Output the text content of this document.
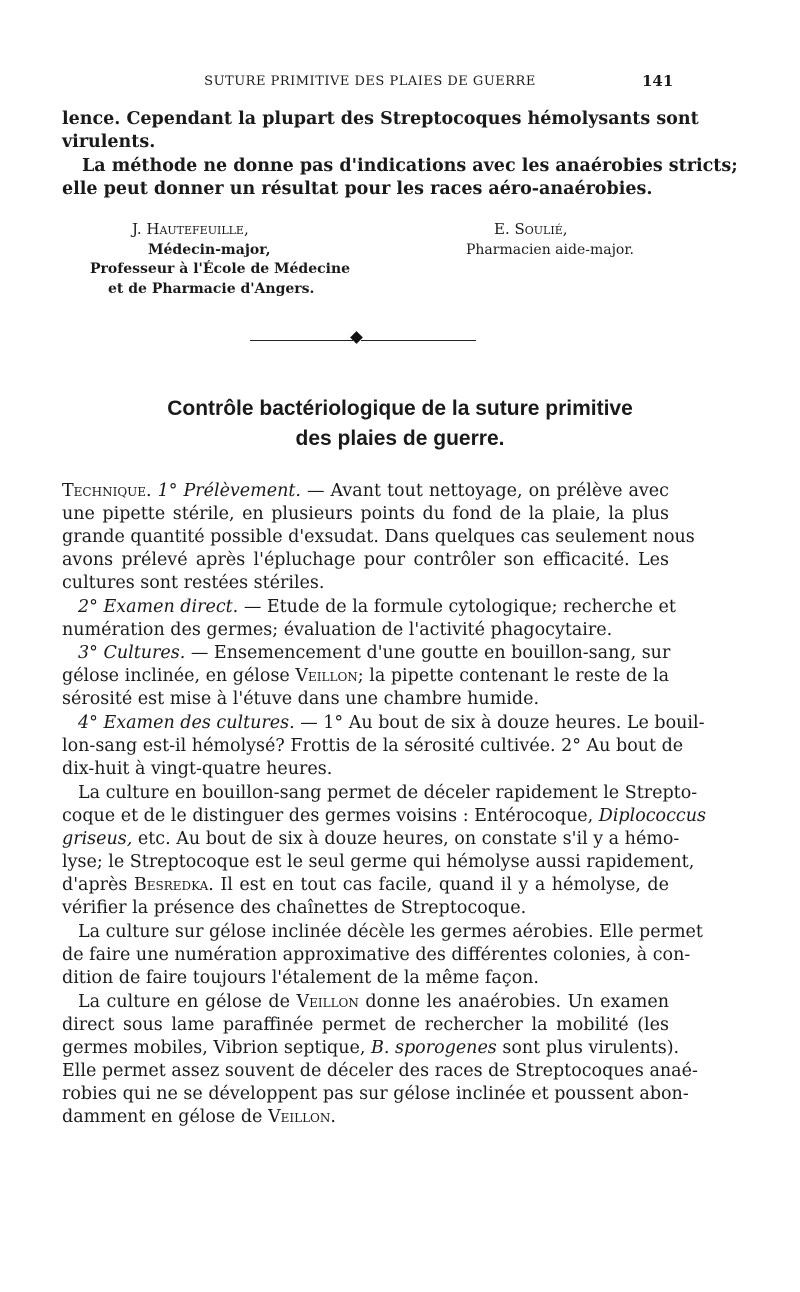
SUTURE PRIMITIVE DES PLAIES DE GUERRE	141
lence. Cependant la plupart des Streptocoques hémolysants sont
virulents.
La méthode ne donne pas d'indications avec les anaérobies stricts;
elle peut donner un résultat pour les races aéro-anaérobies.
J. Hautefeuille,
Médecin-major,
Professeur à l'École de Médecine
et de Pharmacie d'Angers.
E. Soulié,
Pharmacien aide-major.
Contrôle bactériologique de la suture primitive
des plaies de guerre.
Technique. 1° Prélèvement. — Avant tout nettoyage, on prélève avec
une pipette stérile, en plusieurs points du fond de la plaie, la plus
grande quantité possible d'exsudat. Dans quelques cas seulement nous
avons prélevé après l'épluchage pour contrôler son efficacité. Les
cultures sont restées stériles.
2° Examen direct. — Etude de la formule cytologique; recherche et
numération des germes; évaluation de l'activité phagocytaire.
3° Cultures. — Ensemencement d'une goutte en bouillon-sang, sur
gélose inclinée, en gélose Veillon; la pipette contenant le reste de la
sérosité est mise à l'étuve dans une chambre humide.
4° Examen des cultures. — 1° Au bout de six à douze heures. Le bouil-
lon-sang est-il hémolysé? Frottis de la sérosité cultivée. 2° Au bout de
dix-huit à vingt-quatre heures.
La culture en bouillon-sang permet de déceler rapidement le Strepto-
coque et de le distinguer des germes voisins : Entérocoque, Diplococcus
griseus, etc. Au bout de six à douze heures, on constate s'il y a hémo-
lyse; le Streptocoque est le seul germe qui hémolyse aussi rapidement,
d'après Besredka. Il est en tout cas facile, quand il y a hémolyse, de
vérifier la présence des chaînettes de Streptocoque.
La culture sur gélose inclinée décèle les germes aérobies. Elle permet
de faire une numération approximative des différentes colonies, à con-
dition de faire toujours l'étalement de la même façon.
La culture en gélose de Veillon donne les anaérobies. Un examen
direct sous lame paraffinée permet de rechercher la mobilité (les
germes mobiles, Vibrion septique, B. sporogenes sont plus virulents).
Elle permet assez souvent de déceler des races de Streptocoques anaé-
robies qui ne se développent pas sur gélose inclinée et poussent abon-
damment en gélose de Veillon.
